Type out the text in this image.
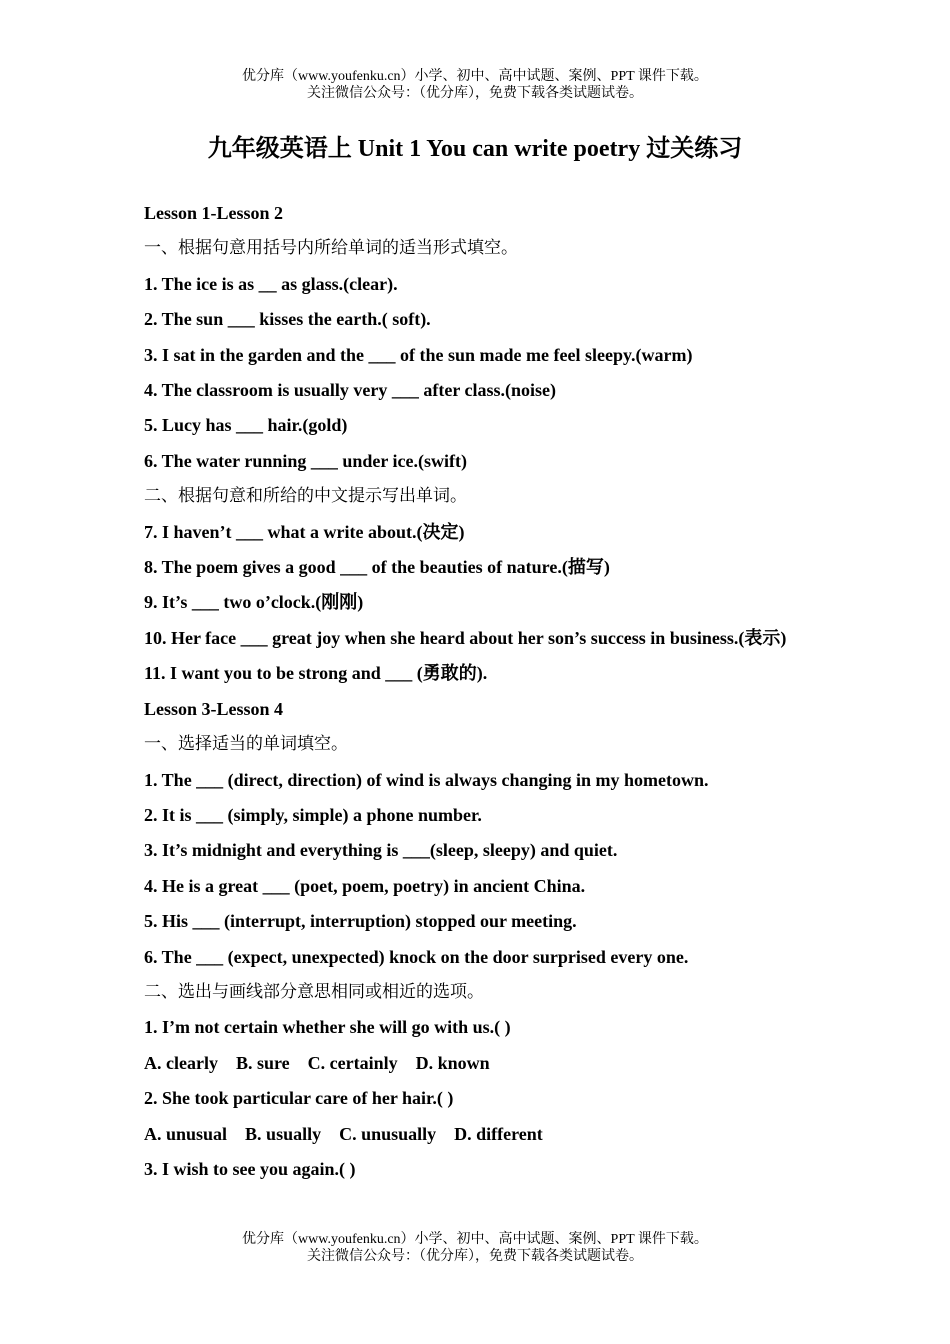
优分库（www.youfenku.cn）小学、初中、高中试题、案例、PPT 课件下载。
关注微信公众号：（优分库），免费下载各类试题试卷。
九年级英语上 Unit 1 You can write poetry 过关练习
Lesson 1-Lesson 2
一、根据句意用括号内所给单词的适当形式填空。
1. The ice is as __ as glass.(clear).
2. The sun ___ kisses the earth.( soft).
3. I sat in the garden and the ___ of the sun made me feel sleepy.(warm)
4. The classroom is usually very ___ after class.(noise)
5. Lucy has ___ hair.(gold)
6. The water running ___ under ice.(swift)
二、根据句意和所给的中文提示写出单词。
7. I haven’t ___ what a write about.(决定)
8. The poem gives a good ___ of the beauties of nature.(描写)
9. It’s ___ two o’clock.(刚刚)
10. Her face ___ great joy when she heard about her son’s success in business.(表示)
11. I want you to be strong and ___ (勇敢的).
Lesson 3-Lesson 4
一、选择适当的单词填空。
1. The ___ (direct, direction) of wind is always changing in my hometown.
2. It is ___ (simply, simple) a phone number.
3. It’s midnight and everything is ___(sleep, sleepy) and quiet.
4. He is a great ___ (poet, poem, poetry) in ancient China.
5. His ___ (interrupt, interruption) stopped our meeting.
6. The ___ (expect, unexpected) knock on the door surprised every one.
二、选出与画线部分意思相同或相近的选项。
1. I’m not certain whether she will go with us.( )
A. clearly    B. sure    C. certainly    D. known
2. She took particular care of her hair.( )
A. unusual    B. usually    C. unusually    D. different
3. I wish to see you again.( )
优分库（www.youfenku.cn）小学、初中、高中试题、案例、PPT 课件下载。
关注微信公众号：（优分库），免费下载各类试题试卷。
